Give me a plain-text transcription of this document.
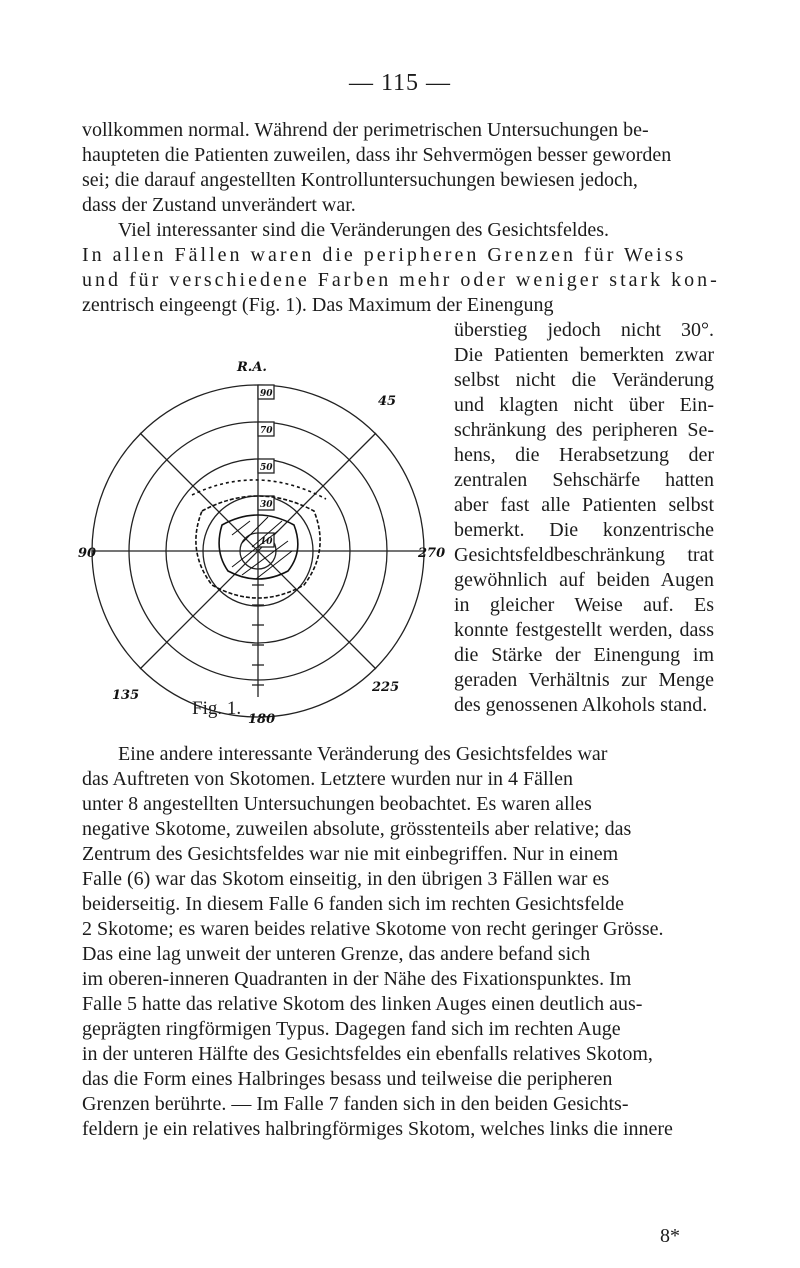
— 115 —
vollkommen normal. Während der perimetrischen Untersuchungen be-
haupteten die Patienten zuweilen, dass ihr Sehvermögen besser geworden
sei; die darauf angestellten Kontrolluntersuchungen bewiesen jedoch,
dass der Zustand unverändert war.
Viel interessanter sind die Veränderungen des Gesichtsfeldes.
In allen Fällen waren die peripheren Grenzen für Weiss
und für verschiedene Farben mehr oder weniger stark kon-
zentrisch eingeengt (Fig. 1). Das Maximum der Einengung
überstieg jedoch nicht 30°.
Die Patienten bemerkten zwar
selbst nicht die Veränderung
und klagten nicht über Ein-
schränkung des peripheren Se-
hens, die Herabsetzung der
zentralen Sehschärfe hatten
aber fast alle Patienten selbst
bemerkt. Die konzentrische
Gesichtsfeldbeschränkung trat
gewöhnlich auf beiden Augen
in gleicher Weise auf. Es
konnte festgestellt werden, dass
die Stärke der Einengung im
geraden Verhältnis zur Menge
des genossenen Alkohols stand.
R.A.
45
90	270
135
225
180
90
70
50
30
10
Fig. 1.
Eine andere interessante Veränderung des Gesichtsfeldes war
das Auftreten von Skotomen. Letztere wurden nur in 4 Fällen
unter 8 angestellten Untersuchungen beobachtet. Es waren alles
negative Skotome, zuweilen absolute, grösstenteils aber relative; das
Zentrum des Gesichtsfeldes war nie mit einbegriffen. Nur in einem
Falle (6) war das Skotom einseitig, in den übrigen 3 Fällen war es
beiderseitig. In diesem Falle 6 fanden sich im rechten Gesichtsfelde
2 Skotome; es waren beides relative Skotome von recht geringer Grösse.
Das eine lag unweit der unteren Grenze, das andere befand sich
im oberen-inneren Quadranten in der Nähe des Fixationspunktes. Im
Falle 5 hatte das relative Skotom des linken Auges einen deutlich aus-
geprägten ringförmigen Typus. Dagegen fand sich im rechten Auge
in der unteren Hälfte des Gesichtsfeldes ein ebenfalls relatives Skotom,
das die Form eines Halbringes besass und teilweise die peripheren
Grenzen berührte. — Im Falle 7 fanden sich in den beiden Gesichts-
feldern je ein relatives halbringförmiges Skotom, welches links die innere
8*
